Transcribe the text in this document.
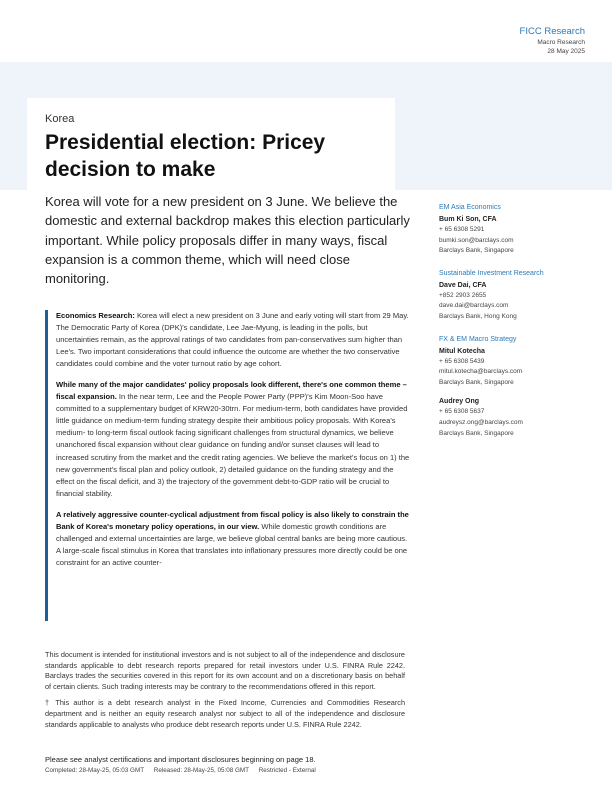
FICC Research
Macro Research
28 May 2025
Korea
Presidential election: Pricey decision to make
Korea will vote for a new president on 3 June. We believe the domestic and external backdrop makes this election particularly important. While policy proposals differ in many ways, fiscal expansion is a common theme, which will need close monitoring.

Economics Research: Korea will elect a new president on 3 June and early voting will start from 29 May. The Democratic Party of Korea (DPK)'s candidate, Lee Jae-Myung, is leading in the polls, but uncertainties remain, as the approval ratings of two candidates from pan-conservatives sum higher than Lee's. Two important considerations that could influence the outcome are whether the two conservative candidates could combine and the voter turnout ratio by age cohort.

While many of the major candidates' policy proposals look different, there's one common theme – fiscal expansion. In the near term, Lee and the People Power Party (PPP)'s Kim Moon-Soo have committed to a supplementary budget of KRW20-30trn. For medium-term, both candidates have provided little guidance on medium-term funding strategy despite their ambitious policy proposals. With Korea's medium- to long-term fiscal outlook facing significant challenges from structural dynamics, we believe unanchored fiscal expansion without clear guidance on funding and/or sunset clauses will lead to increased scrutiny from the market and the credit rating agencies. We believe the market's focus on 1) the new government's fiscal plan and policy outlook, 2) detailed guidance on the funding strategy and the effect on the fiscal deficit, and 3) the trajectory of the government debt-to-GDP ratio will be crucial to financial stability.

A relatively aggressive counter-cyclical adjustment from fiscal policy is also likely to constrain the Bank of Korea's monetary policy operations, in our view. While domestic growth conditions are challenged and external uncertainties are large, we believe global central banks are being more cautious. A large-scale fiscal stimulus in Korea that translates into inflationary pressures more directly could be one constraint for an active counter-

EM Asia Economics
Bum Ki Son, CFA
+ 65 6308 5291
bumki.son@barclays.com
Barclays Bank, Singapore
Sustainable Investment Research
Dave Dai, CFA
+852 2903 2655
dave.dai@barclays.com
Barclays Bank, Hong Kong
FX & EM Macro Strategy
Mitul Kotecha
+ 65 6308 5439
mitul.kotecha@barclays.com
Barclays Bank, Singapore
Audrey Ong
+ 65 6308 5637
audreysz.ong@barclays.com
Barclays Bank, Singapore

This document is intended for institutional investors and is not subject to all of the independence and disclosure standards applicable to debt research reports prepared for retail investors under U.S. FINRA Rule 2242. Barclays trades the securities covered in this report for its own account and on a discretionary basis on behalf of certain clients. Such trading interests may be contrary to the recommendations offered in this report.

† This author is a debt research analyst in the Fixed Income, Currencies and Commodities Research department and is neither an equity research analyst nor subject to all of the independence and disclosure standards applicable to analysts who produce debt research reports under U.S. FINRA Rule 2242.

Please see analyst certifications and important disclosures beginning on page 18.
Completed: 28-May-25, 05:03 GMT Released: 28-May-25, 05:08 GMT Restricted - External
